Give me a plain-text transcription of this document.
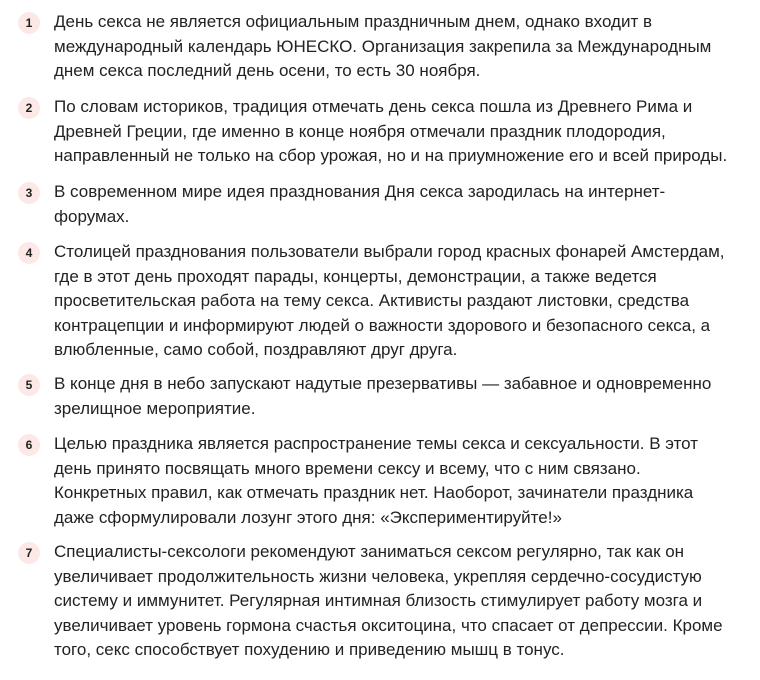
1	День секса не является официальным праздничным днем, однако входит в
международный календарь ЮНЕСКО. Организация закрепила за Международным
днем секса последний день осени, то есть 30 ноября.

2	По словам историков, традиция отмечать день секса пошла из Древнего Рима и
Древней Греции, где именно в конце ноября отмечали праздник плодородия,
направленный не только на сбор урожая, но и на приумножение его и всей природы.

3	В современном мире идея празднования Дня секса зародилась на интернет-
форумах.

4	Столицей празднования пользователи выбрали город красных фонарей Амстердам,
где в этот день проходят парады, концерты, демонстрации, а также ведется
просветительская работа на тему секса. Активисты раздают листовки, средства
контрацепции и информируют людей о важности здорового и безопасного секса, а
влюбленные, само собой, поздравляют друг друга.

5	В конце дня в небо запускают надутые презервативы — забавное и одновременно
зрелищное мероприятие.

6	Целью праздника является распространение темы секса и сексуальности. В этот
день принято посвящать много времени сексу и всему, что с ним связано.
Конкретных правил, как отмечать праздник нет. Наоборот, зачинатели праздника
даже сформулировали лозунг этого дня: «Экспериментируйте!»

7	Специалисты-сексологи рекомендуют заниматься сексом регулярно, так как он
увеличивает продолжительность жизни человека, укрепляя сердечно-сосудистую
систему и иммунитет. Регулярная интимная близость стимулирует работу мозга и
увеличивает уровень гормона счастья окситоцина, что спасает от депрессии. Кроме
того, секс способствует похудению и приведению мышц в тонус.
